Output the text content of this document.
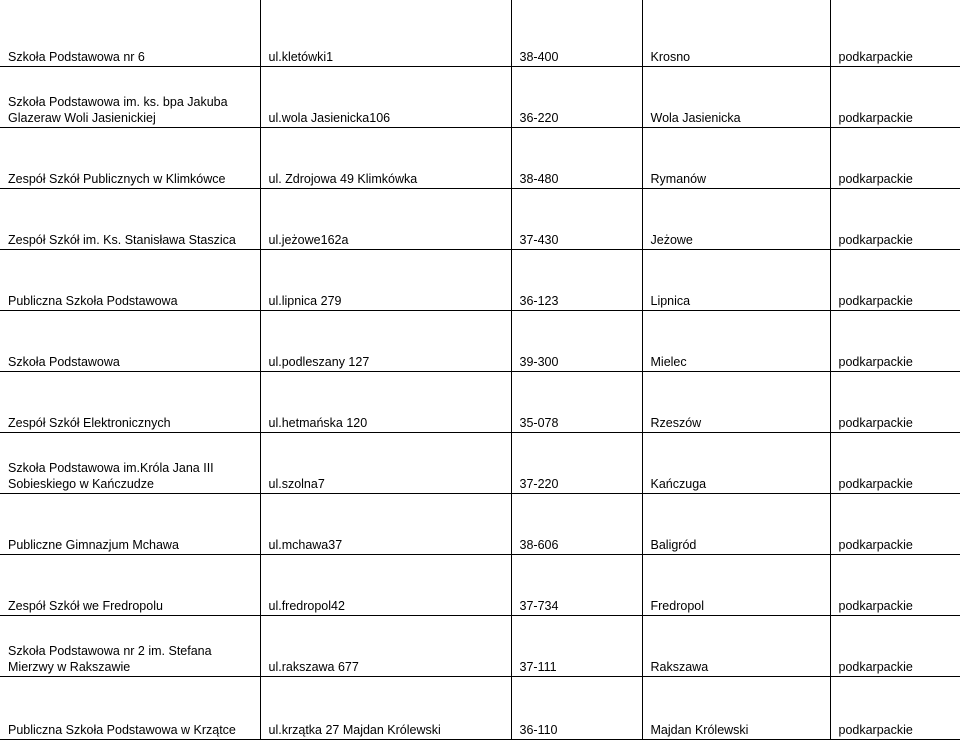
Szkoła Podstawowa nr 6	ul.kletówki1	38-400	Krosno	podkarpackie

Szkoła Podstawowa im. ks. bpa Jakuba Glazeraw Woli Jasienickiej	ul.wola Jasienicka106	36-220	Wola Jasienicka	podkarpackie

Zespół Szkół Publicznych w Klimkówce	ul. Zdrojowa 49 Klimkówka	38-480	Rymanów	podkarpackie

Zespół Szkół im. Ks. Stanisława Staszica	ul.jeżowe162a	37-430	Jeżowe	podkarpackie

Publiczna Szkoła Podstawowa	ul.lipnica 279	36-123	Lipnica	podkarpackie

Szkoła Podstawowa	ul.podleszany 127	39-300	Mielec	podkarpackie

Zespół Szkół Elektronicznych	ul.hetmańska 120	35-078	Rzeszów	podkarpackie

Szkoła Podstawowa im.Króla Jana III Sobieskiego w Kańczudze	ul.szolna7	37-220	Kańczuga	podkarpackie

Publiczne Gimnazjum Mchawa	ul.mchawa37	38-606	Baligród	podkarpackie

Zespół Szkół we Fredropolu	ul.fredropol42	37-734	Fredropol	podkarpackie

Szkoła Podstawowa nr 2 im. Stefana Mierzwy w Rakszawie	ul.rakszawa 677	37-111	Rakszawa	podkarpackie

Publiczna Szkoła Podstawowa w Krzątce	ul.krzątka 27 Majdan Królewski	36-110	Majdan Królewski	podkarpackie
